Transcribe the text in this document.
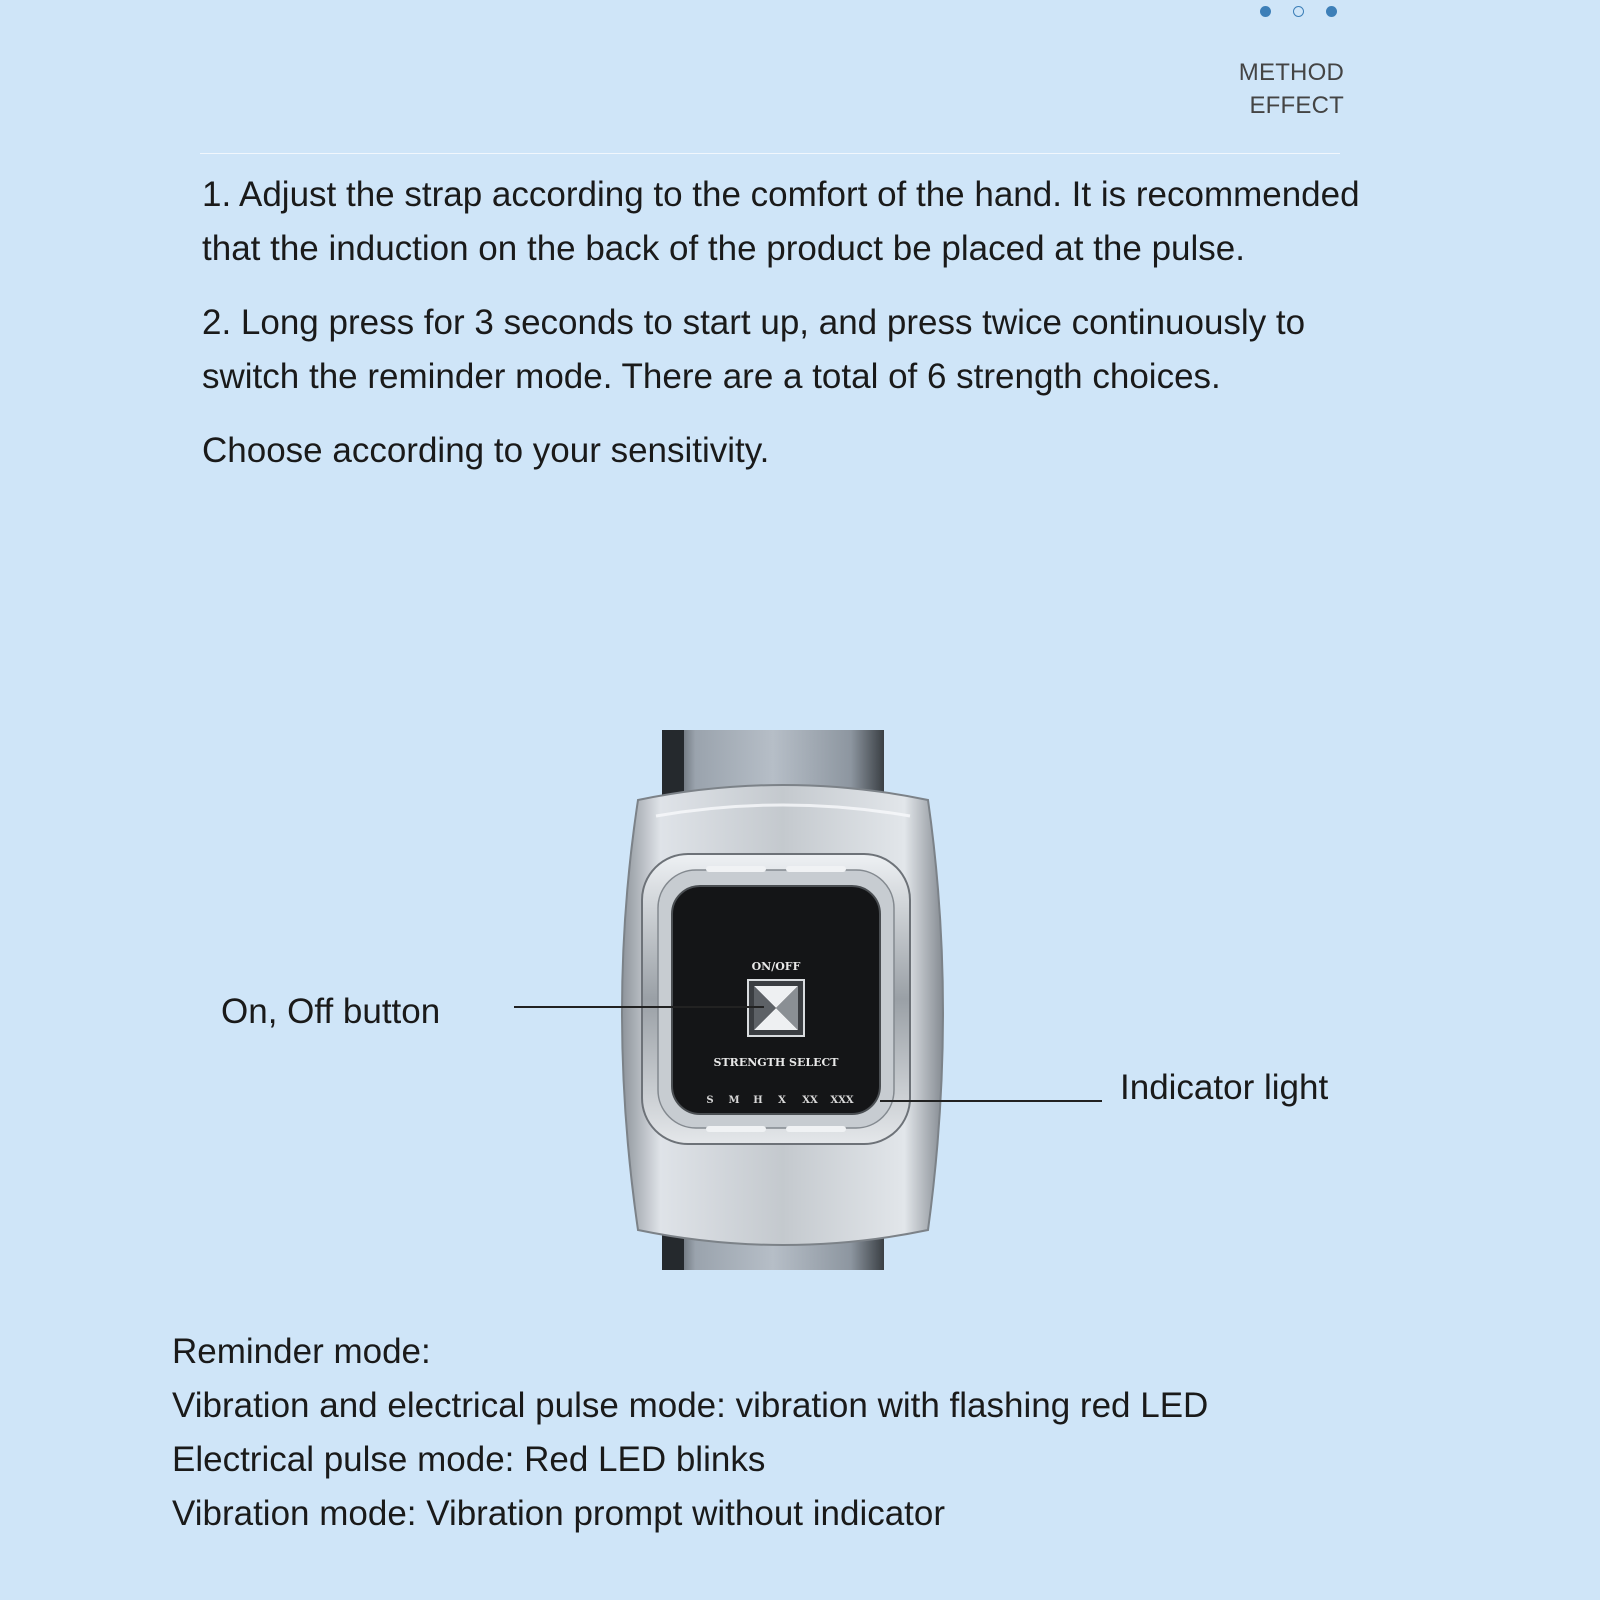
METHOD
EFFECT

1. Adjust the strap according to the comfort of the hand. It is recommended
that the induction on the back of the product be placed at the pulse.

2. Long press for 3 seconds to start up, and press twice continuously to
switch the reminder mode. There are a total of 6 strength choices.

Choose according to your sensitivity.

ON/OFF
STRENGTH SELECT
S M H X XX XXX
On, Off button
Indicator light
Reminder mode:
Vibration and electrical pulse mode: vibration with flashing red LED
Electrical pulse mode: Red LED blinks
Vibration mode: Vibration prompt without indicator
